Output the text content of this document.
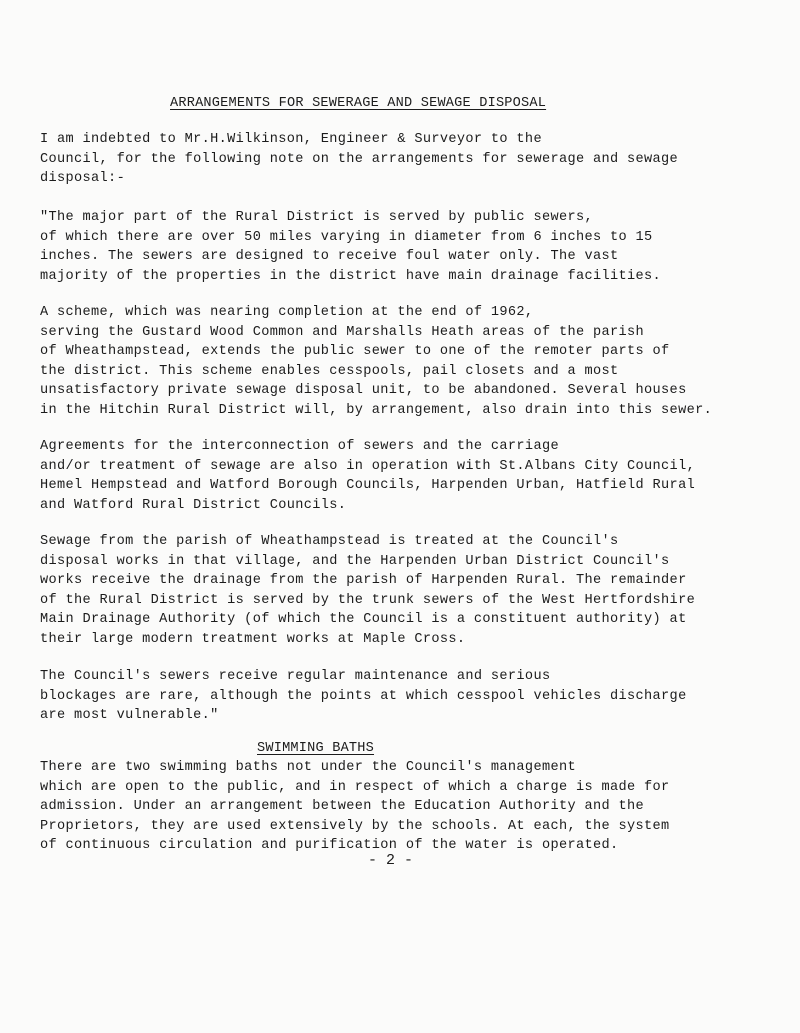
ARRANGEMENTS FOR SEWERAGE AND SEWAGE DISPOSAL

I am indebted to Mr.H.Wilkinson, Engineer & Surveyor to the
Council, for the following note on the arrangements for sewerage and sewage
disposal:-

"The major part of the Rural District is served by public sewers,
of which there are over 50 miles varying in diameter from 6 inches to 15
inches. The sewers are designed to receive foul water only. The vast
majority of the properties in the district have main drainage facilities.

A scheme, which was nearing completion at the end of 1962,
serving the Gustard Wood Common and Marshalls Heath areas of the parish
of Wheathampstead, extends the public sewer to one of the remoter parts of
the district. This scheme enables cesspools, pail closets and a most
unsatisfactory private sewage disposal unit, to be abandoned. Several houses
in the Hitchin Rural District will, by arrangement, also drain into this sewer.

Agreements for the interconnection of sewers and the carriage
and/or treatment of sewage are also in operation with St.Albans City Council,
Hemel Hempstead and Watford Borough Councils, Harpenden Urban, Hatfield Rural
and Watford Rural District Councils.

Sewage from the parish of Wheathampstead is treated at the Council's
disposal works in that village, and the Harpenden Urban District Council's
works receive the drainage from the parish of Harpenden Rural. The remainder
of the Rural District is served by the trunk sewers of the West Hertfordshire
Main Drainage Authority (of which the Council is a constituent authority) at
their large modern treatment works at Maple Cross.

The Council's sewers receive regular maintenance and serious
blockages are rare, although the points at which cesspool vehicles discharge
are most vulnerable."

SWIMMING BATHS

There are two swimming baths not under the Council's management
which are open to the public, and in respect of which a charge is made for
admission. Under an arrangement between the Education Authority and the
Proprietors, they are used extensively by the schools. At each, the system
of continuous circulation and purification of the water is operated.

- 2 -
